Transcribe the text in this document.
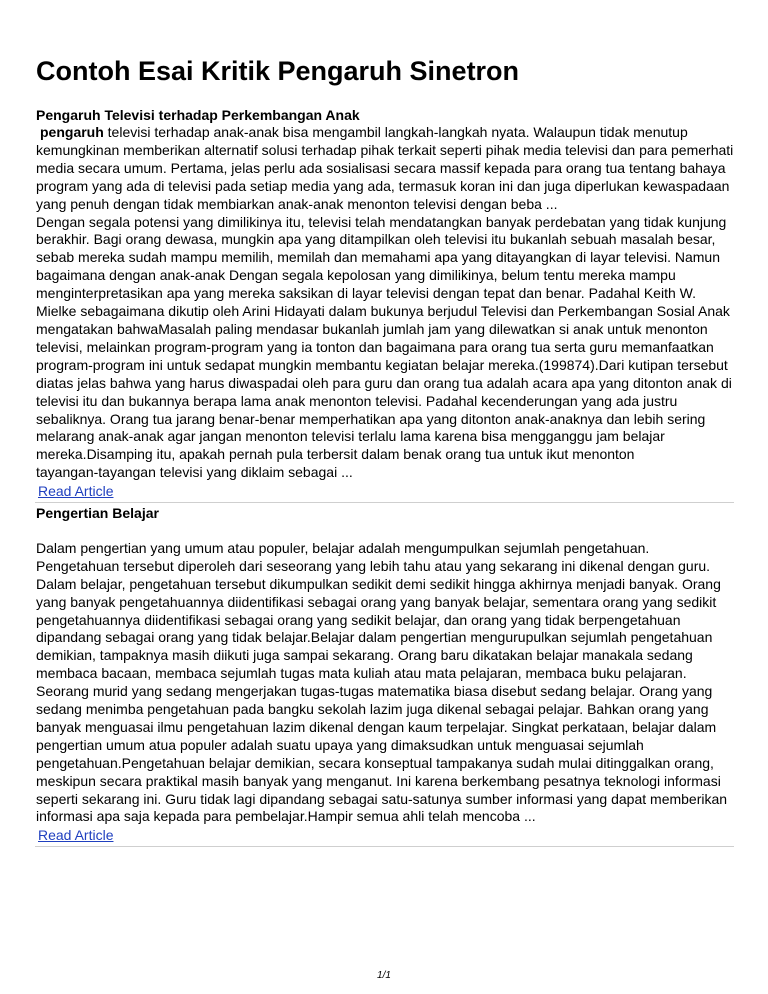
Contoh Esai Kritik Pengaruh Sinetron
Pengaruh Televisi terhadap Perkembangan Anak

pengaruh televisi terhadap anak-anak bisa mengambil langkah-langkah nyata. Walaupun tidak menutup

kemungkinan memberikan alternatif solusi terhadap pihak terkait seperti pihak media televisi dan para pemerhati

media secara umum. Pertama, jelas perlu ada sosialisasi secara massif kepada para orang tua tentang bahaya

program yang ada di televisi pada setiap media yang ada, termasuk koran ini dan juga diperlukan kewaspadaan

yang penuh dengan tidak membiarkan anak-anak menonton televisi dengan beba ...

Dengan segala potensi yang dimilikinya itu, televisi telah mendatangkan banyak perdebatan yang tidak kunjung

berakhir. Bagi orang dewasa, mungkin apa yang ditampilkan oleh televisi itu bukanlah sebuah masalah besar,

sebab mereka sudah mampu memilih, memilah dan memahami apa yang ditayangkan di layar televisi. Namun

bagaimana dengan anak-anak Dengan segala kepolosan yang dimilikinya, belum tentu mereka mampu

menginterpretasikan apa yang mereka saksikan di layar televisi dengan tepat dan benar. Padahal Keith W.

Mielke sebagaimana dikutip oleh Arini Hidayati dalam bukunya berjudul Televisi dan Perkembangan Sosial Anak

mengatakan bahwaMasalah paling mendasar bukanlah jumlah jam yang dilewatkan si anak untuk menonton

televisi, melainkan program-program yang ia tonton dan bagaimana para orang tua serta guru memanfaatkan

program-program ini untuk sedapat mungkin membantu kegiatan belajar mereka.(199874).Dari kutipan tersebut

diatas jelas bahwa yang harus diwaspadai oleh para guru dan orang tua adalah acara apa yang ditonton anak di

televisi itu dan bukannya berapa lama anak menonton televisi. Padahal kecenderungan yang ada justru

sebaliknya. Orang tua jarang benar-benar memperhatikan apa yang ditonton anak-anaknya dan lebih sering

melarang anak-anak agar jangan menonton televisi terlalu lama karena bisa mengganggu jam belajar

mereka.Disamping itu, apakah pernah pula terbersit dalam benak orang tua untuk ikut menonton

tayangan-tayangan televisi yang diklaim sebagai ...

Read Article
Pengertian Belajar

Dalam pengertian yang umum atau populer, belajar adalah mengumpulkan sejumlah pengetahuan.

Pengetahuan tersebut diperoleh dari seseorang yang lebih tahu atau yang sekarang ini dikenal dengan guru.

Dalam belajar, pengetahuan tersebut dikumpulkan sedikit demi sedikit hingga akhirnya menjadi banyak. Orang

yang banyak pengetahuannya diidentifikasi sebagai orang yang banyak belajar, sementara orang yang sedikit

pengetahuannya diidentifikasi sebagai orang yang sedikit belajar, dan orang yang tidak berpengetahuan

dipandang sebagai orang yang tidak belajar.Belajar dalam pengertian mengurupulkan sejumlah pengetahuan

demikian, tampaknya masih diikuti juga sampai sekarang. Orang baru dikatakan belajar manakala sedang

membaca bacaan, membaca sejumlah tugas mata kuliah atau mata pelajaran, membaca buku pelajaran.

Seorang murid yang sedang mengerjakan tugas-tugas matematika biasa disebut sedang belajar. Orang yang

sedang menimba pengetahuan pada bangku sekolah lazim juga dikenal sebagai pelajar. Bahkan orang yang

banyak menguasai ilmu pengetahuan lazim dikenal dengan kaum terpelajar. Singkat perkataan, belajar dalam

pengertian umum atua populer adalah suatu upaya yang dimaksudkan untuk menguasai sejumlah

pengetahuan.Pengetahuan belajar demikian, secara konseptual tampakanya sudah mulai ditinggalkan orang,

meskipun secara praktikal masih banyak yang menganut. Ini karena berkembang pesatnya teknologi informasi

seperti sekarang ini. Guru tidak lagi dipandang sebagai satu-satunya sumber informasi yang dapat memberikan

informasi apa saja kepada para pembelajar.Hampir semua ahli telah mencoba ...

Read Article
1/1
